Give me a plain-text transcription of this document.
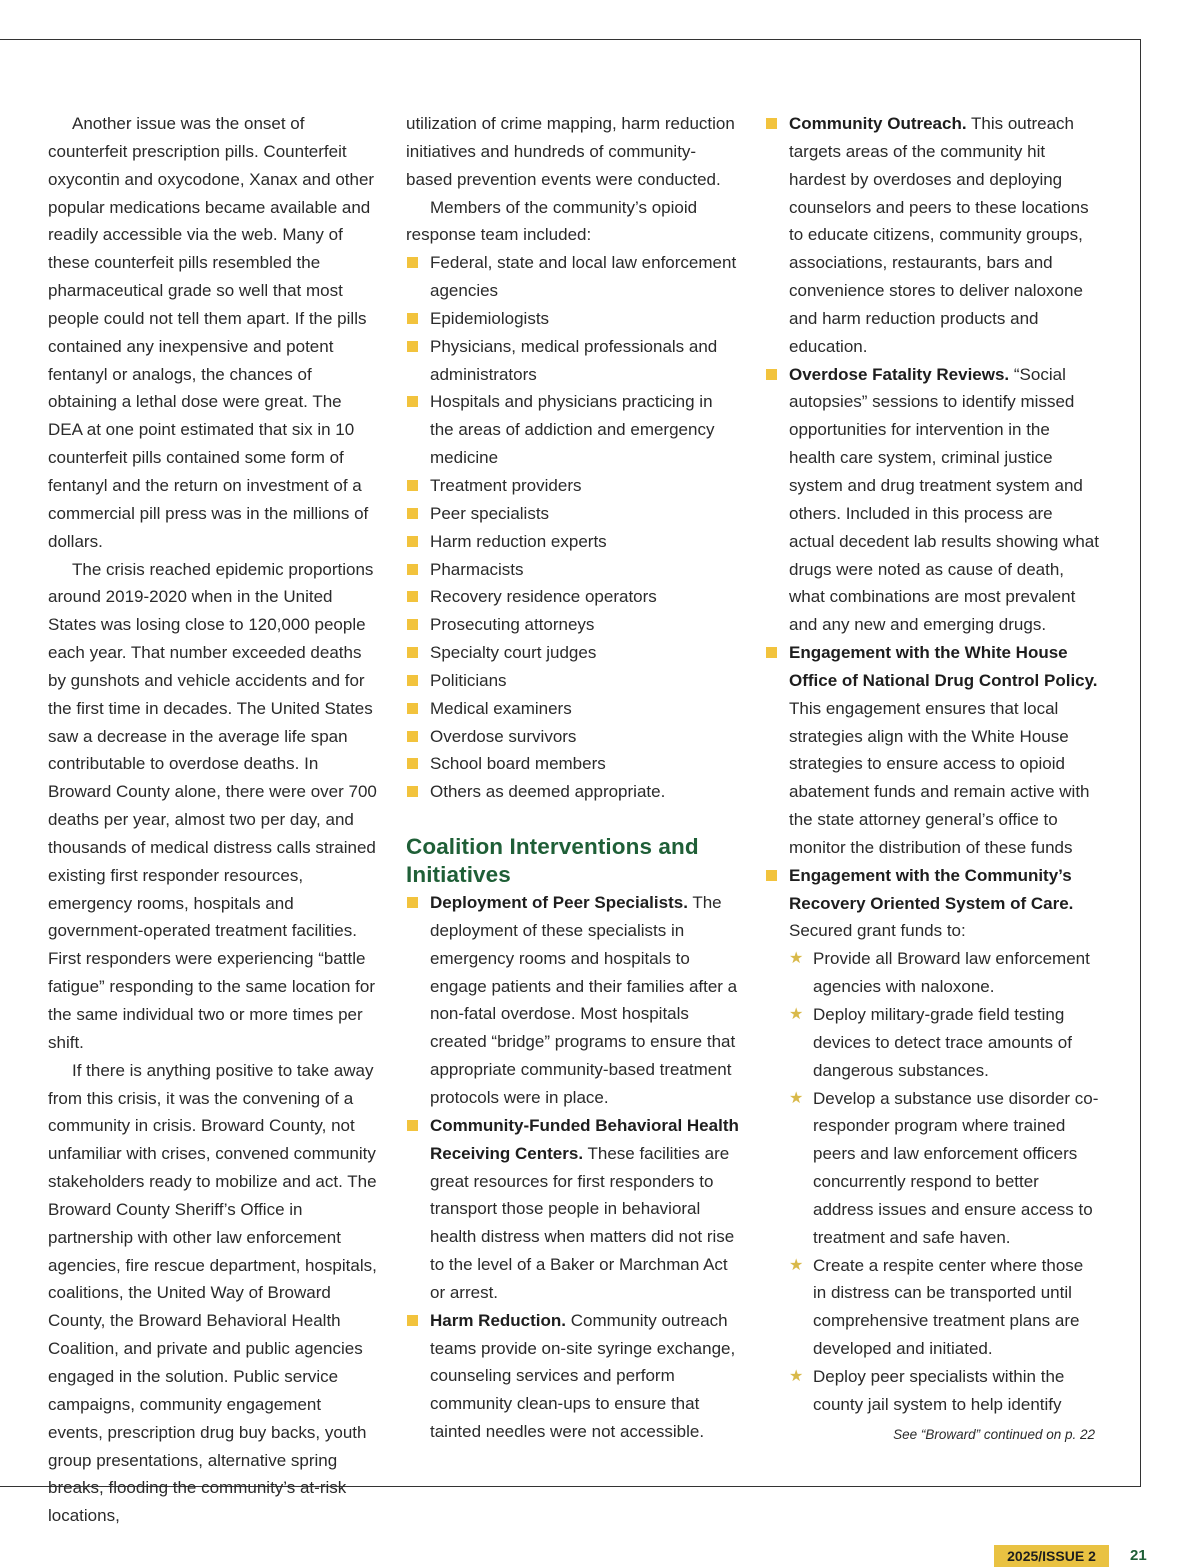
Another issue was the onset of counterfeit prescription pills. Counterfeit oxycontin and oxycodone, Xanax and other popular medications became available and readily accessible via the web. Many of these counterfeit pills resembled the pharmaceutical grade so well that most people could not tell them apart. If the pills contained any inexpensive and potent fentanyl or analogs, the chances of obtaining a lethal dose were great. The DEA at one point estimated that six in 10 counterfeit pills contained some form of fentanyl and the return on investment of a commercial pill press was in the millions of dollars.

The crisis reached epidemic proportions around 2019-2020 when in the United States was losing close to 120,000 people each year. That number exceeded deaths by gunshots and vehicle accidents and for the first time in decades. The United States saw a decrease in the average life span contributable to overdose deaths. In Broward County alone, there were over 700 deaths per year, almost two per day, and thousands of medical distress calls strained existing first responder resources, emergency rooms, hospitals and government-operated treatment facilities. First responders were experiencing “battle fatigue” responding to the same location for the same individual two or more times per shift.

If there is anything positive to take away from this crisis, it was the convening of a community in crisis. Broward County, not unfamiliar with crises, convened community stakeholders ready to mobilize and act. The Broward County Sheriff’s Office in partnership with other law enforcement agencies, fire rescue department, hospitals, coalitions, the United Way of Broward County, the Broward Behavioral Health Coalition, and private and public agencies engaged in the solution. Public service campaigns, community engagement events, prescription drug buy backs, youth group presentations, alternative spring breaks, flooding the community’s at-risk locations,

utilization of crime mapping, harm reduction initiatives and hundreds of community-based prevention events were conducted.

Members of the community’s opioid response team included:

Federal, state and local law enforcement agencies
Epidemiologists
Physicians, medical professionals and administrators
Hospitals and physicians practicing in the areas of addiction and emergency medicine
Treatment providers
Peer specialists
Harm reduction experts
Pharmacists
Recovery residence operators
Prosecuting attorneys
Specialty court judges
Politicians
Medical examiners
Overdose survivors
School board members
Others as deemed appropriate.
Coalition Interventions and Initiatives
Deployment of Peer Specialists. The deployment of these specialists in emergency rooms and hospitals to engage patients and their families after a non-fatal overdose. Most hospitals created “bridge” programs to ensure that appropriate community-based treatment protocols were in place.
Community-Funded Behavioral Health Receiving Centers. These facilities are great resources for first responders to transport those people in behavioral health distress when matters did not rise to the level of a Baker or Marchman Act or arrest.
Harm Reduction. Community outreach teams provide on-site syringe exchange, counseling services and perform community clean-ups to ensure that tainted needles were not accessible.
Community Outreach. This outreach targets areas of the community hit hardest by overdoses and deploying counselors and peers to these locations to educate citizens, community groups, associations, restaurants, bars and convenience stores to deliver naloxone and harm reduction products and education.
Overdose Fatality Reviews. “Social autopsies” sessions to identify missed opportunities for intervention in the health care system, criminal justice system and drug treatment system and others. Included in this process are actual decedent lab results showing what drugs were noted as cause of death, what combinations are most prevalent and any new and emerging drugs.
Engagement with the White House Office of National Drug Control Policy. This engagement ensures that local strategies align with the White House strategies to ensure access to opioid abatement funds and remain active with the state attorney general’s office to monitor the distribution of these funds
Engagement with the Community’s Recovery Oriented System of Care. Secured grant funds to:
★ Provide all Broward law enforcement agencies with naloxone.
★ Deploy military-grade field testing devices to detect trace amounts of dangerous substances.
★ Develop a substance use disorder co-responder program where trained peers and law enforcement officers concurrently respond to better address issues and ensure access to treatment and safe haven.
★ Create a respite center where those in distress can be transported until comprehensive treatment plans are developed and initiated.
★ Deploy peer specialists within the county jail system to help identify
See “Broward” continued on p. 22
2025/ISSUE 2	21
